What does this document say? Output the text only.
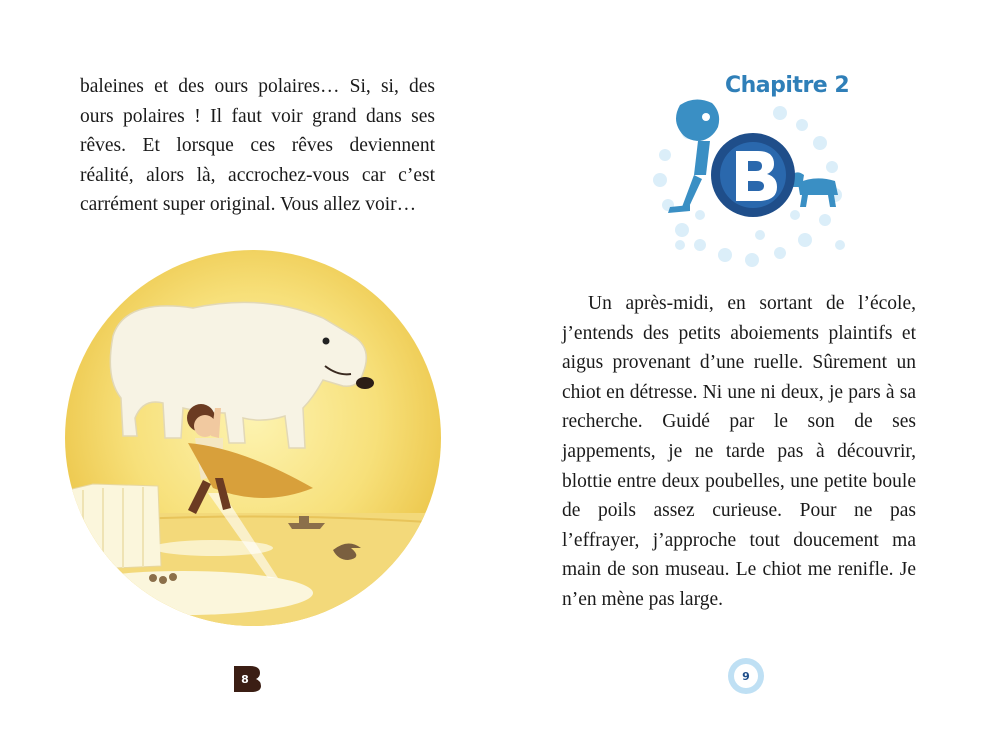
baleines et des ours polaires… Si, si, des ours polaires ! Il faut voir grand dans ses rêves. Et lorsque ces rêves deviennent réalité, alors là, accrochez-vous car c’est carrément super original. Vous allez voir…

8
Chapitre 2

Un après-midi, en sortant de l’école, j’entends des petits aboiements plaintifs et aigus provenant d’une ruelle. Sûrement un chiot en détresse. Ni une ni deux, je pars à sa recherche. Guidé par le son de ses jappements, je ne tarde pas à découvrir, blottie entre deux poubelles, une petite boule de poils assez curieuse. Pour ne pas l’effrayer, j’approche tout doucement ma main de son museau. Le chiot me renifle. Je n’en mène pas large.

9
